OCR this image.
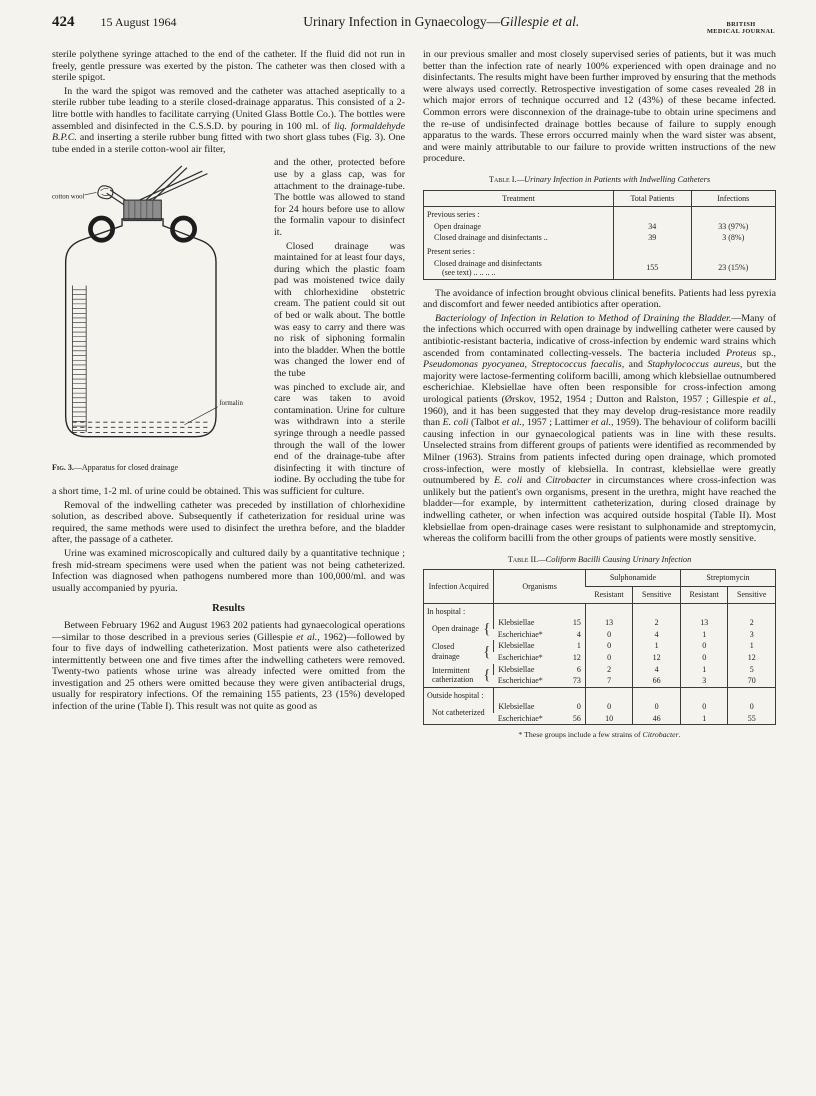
424 15 August 1964	Urinary Infection in Gynaecology—Gillespie et al.	BRITISH
MEDICAL JOURNAL

sterile polythene syringe attached to the end of the catheter. If the fluid did not run in freely, gentle pressure was exerted by the piston. The catheter was then closed with a sterile spigot.

In the ward the spigot was removed and the catheter was attached aseptically to a sterile rubber tube leading to a sterile closed-drainage apparatus. This consisted of a 2-litre bottle with handles to facilitate carrying (United Glass Bottle Co.). The bottles were assembled and disinfected in the C.S.S.D. by pouring in 100 ml. of liq. formaldehyde B.P.C. and inserting a sterile rubber bung fitted with two short glass tubes (Fig. 3). One tube ended in a sterile cotton-wool air filter,

cotton wool
formalin
Fig. 3.—Apparatus for closed drainage

and the other, protected before use by a glass cap, was for attachment to the drainage-tube. The bottle was allowed to stand for 24 hours before use to allow the formalin vapour to disinfect it.

Closed drainage was maintained for at least four days, during which the plastic foam pad was moistened twice daily with chlorhexidine obstetric cream. The patient could sit out of bed or walk about. The bottle was easy to carry and there was no risk of siphoning formalin into the bladder. When the bottle was changed the lower end of the tube

was pinched to exclude air, and care was taken to avoid contamination. Urine for culture was withdrawn into a sterile syringe through a needle passed through the wall of the lower end of the drainage-tube after disinfecting it with tincture of iodine. By occluding the tube for a short time, 1-2 ml. of urine could be obtained. This was sufficient for culture.

Removal of the indwelling catheter was preceded by instillation of chlorhexidine solution, as described above. Subsequently if catheterization for residual urine was required, the same methods were used to disinfect the urethra before, and the bladder after, the passage of a catheter.

Urine was examined microscopically and cultured daily by a quantitative technique ; fresh mid-stream specimens were used when the patient was not being catheterized. Infection was diagnosed when pathogens numbered more than 100,000/ml. and was usually accompanied by pyuria.

Results

Between February 1962 and August 1963 202 patients had gynaecological operations—similar to those described in a previous series (Gillespie et al., 1962)—followed by four to five days of indwelling catheterization. Most patients were also catheterized intermittently between one and five times after the indwelling catheters were removed. Twenty-two patients whose urine was already infected were omitted from the investigation and 25 others were omitted because they were given antibacterial drugs, usually for respiratory infections. Of the remaining 155 patients, 23 (15%) developed infection of the urine (Table I). This result was not quite as good as

in our previous smaller and most closely supervised series of patients, but it was much better than the infection rate of nearly 100% experienced with open drainage and no disinfectants. The results might have been further improved by ensuring that the methods were always used correctly. Retrospective investigation of some cases revealed 28 in which major errors of technique occurred and 12 (43%) of these became infected. Common errors were disconnexion of the drainage-tube to obtain urine specimens and the re-use of undisinfected drainage bottles because of failure to supply enough apparatus to the wards. These errors occurred mainly when the ward sister was absent, and were mainly attributable to our failure to provide written instructions of the new procedure.

Table I.—Urinary Infection in Patients with Indwelling Catheters
Treatment	Total Patients	Infections
Previous series :		
Open drainage	34	33 (97%)
Closed drainage and disinfectants ..	39	3 (8%)
Present series :		

Closed drainage and disinfectants
(see text) .. .. .. ..	155	23 (15%)

The avoidance of infection brought obvious clinical benefits. Patients had less pyrexia and discomfort and fewer needed antibiotics after operation.

Bacteriology of Infection in Relation to Method of Draining the Bladder.—Many of the infections which occurred with open drainage by indwelling catheter were caused by antibiotic-resistant bacteria, indicative of cross-infection by endemic ward strains which ascended from contaminated collecting-vessels. The bacteria included Proteus sp., Pseudomonas pyocyanea, Streptococcus faecalis, and Staphylococcus aureus, but the majority were lactose-fermenting coliform bacilli, among which klebsiellae outnumbered escherichiae. Klebsiellae have often been responsible for cross-infection among urological patients (Ørskov, 1952, 1954 ; Dutton and Ralston, 1957 ; Gillespie et al., 1960), and it has been suggested that they may develop drug-resistance more readily than E. coli (Talbot et al., 1957 ; Lattimer et al., 1959). The behaviour of coliform bacilli causing infection in our gynaecological patients was in line with these results. Unselected strains from different groups of patients were identified as recommended by Milner (1963). Strains from patients infected during open drainage, which promoted cross-infection, were mostly of klebsiella. In contrast, klebsiellae were greatly outnumbered by E. coli and Citrobacter in circumstances where cross-infection was unlikely but the patient's own organisms, present in the urethra, might have reached the bladder—for example, by intermittent catheterization, during closed drainage by indwelling catheter, or when infection was acquired outside hospital (Table II). Most klebsiellae from open-drainage cases were resistant to sulphonamide and streptomycin, whereas the coliform bacilli from the other groups of patients were mostly sensitive.

Table II.—Coliform Bacilli Causing Urinary Infection
Infection Acquired	Organisms	Sulphonamide		Streptomycin	
		Resistant	Sensitive	Resistant	Sensitive
In hospital :					

Open drainage {	Klebsiellae 15	13	2	13	2

	Escherichiae* 4	0	4	1	3

Closed drainage {	Klebsiellae 1	0	1	0	1

	Escherichiae* 12	0	12	0	12

Intermittent catherization {	Klebsiellae 6	2	4	1	5

	Escherichiae* 73	7	66	3	70
Outside hospital :					

Not catheterized	Klebsiellae 0	0	0	0	0

	Escherichiae* 56	10	46	1	55
* These groups include a few strains of Citrobacter.
